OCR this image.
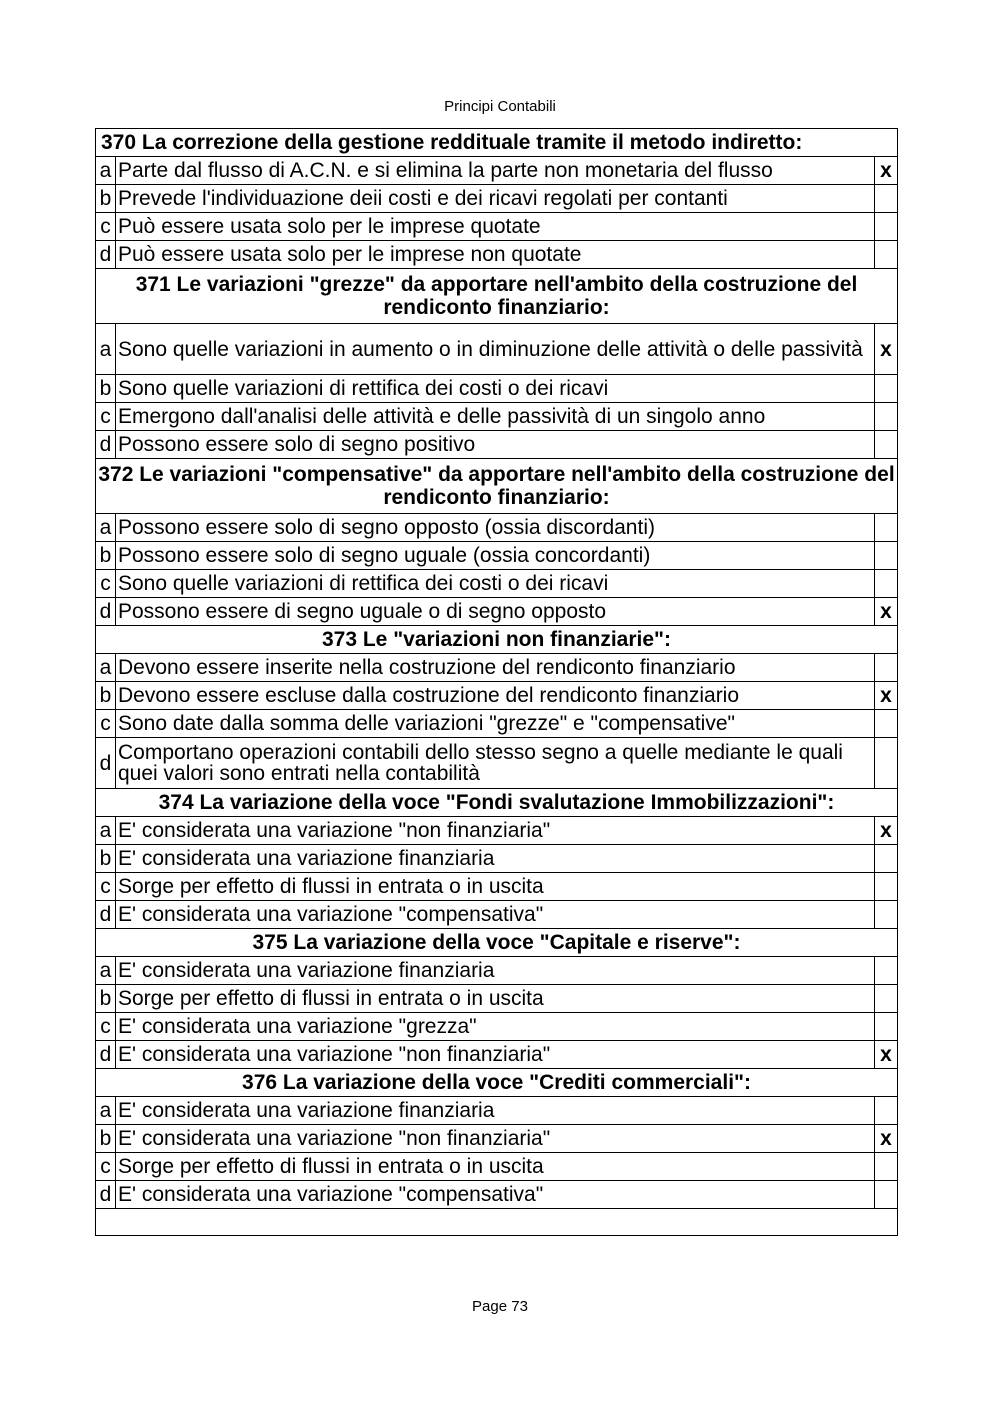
Principi Contabili
370 La correzione della gestione reddituale tramite il metodo indiretto:		
a	Parte dal flusso di A.C.N. e si elimina la parte non monetaria del flusso	x
b	Prevede l'individuazione deii costi e dei ricavi regolati per contanti	
c	Può essere usata solo per le imprese quotate	
d	Può essere usata solo per le imprese non quotate	
371 Le variazioni "grezze" da apportare nell'ambito della costruzione del rendiconto finanziario:		
a	Sono quelle variazioni in aumento o in diminuzione delle attività o delle passività	x
b	Sono quelle variazioni di rettifica dei costi o dei ricavi	
c	Emergono dall'analisi delle attività e delle passività di un singolo anno	
d	Possono essere solo di segno positivo	
372 Le variazioni "compensative" da apportare nell'ambito della costruzione del rendiconto finanziario:		
a	Possono essere solo di segno opposto (ossia discordanti)	
b	Possono essere solo di segno uguale (ossia concordanti)	
c	Sono quelle variazioni di rettifica dei costi o dei ricavi	
d	Possono essere di segno uguale o di segno opposto	x
373 Le "variazioni non finanziarie":		
a	Devono essere inserite nella costruzione del rendiconto finanziario	
b	Devono essere escluse dalla costruzione del rendiconto finanziario	x
c	Sono date dalla somma delle variazioni "grezze" e "compensative"	
d	Comportano operazioni contabili dello stesso segno a quelle mediante le quali quei valori sono entrati nella contabilità	
374 La variazione della voce "Fondi svalutazione Immobilizzazioni":		
a	E' considerata una variazione "non finanziaria"	x
b	E' considerata una variazione finanziaria	
c	Sorge per effetto di flussi in entrata o in uscita	
d	E' considerata una variazione "compensativa"	
375 La variazione della voce "Capitale e riserve":		
a	E' considerata una variazione finanziaria	
b	Sorge per effetto di flussi in entrata o in uscita	
c	E' considerata una variazione "grezza"	
d	E' considerata una variazione "non finanziaria"	x
376 La variazione della voce "Crediti commerciali":		
a	E' considerata una variazione finanziaria	
b	E' considerata una variazione "non finanziaria"	x
c	Sorge per effetto di flussi in entrata o in uscita	
d	E' considerata una variazione "compensativa"	

Page 73
